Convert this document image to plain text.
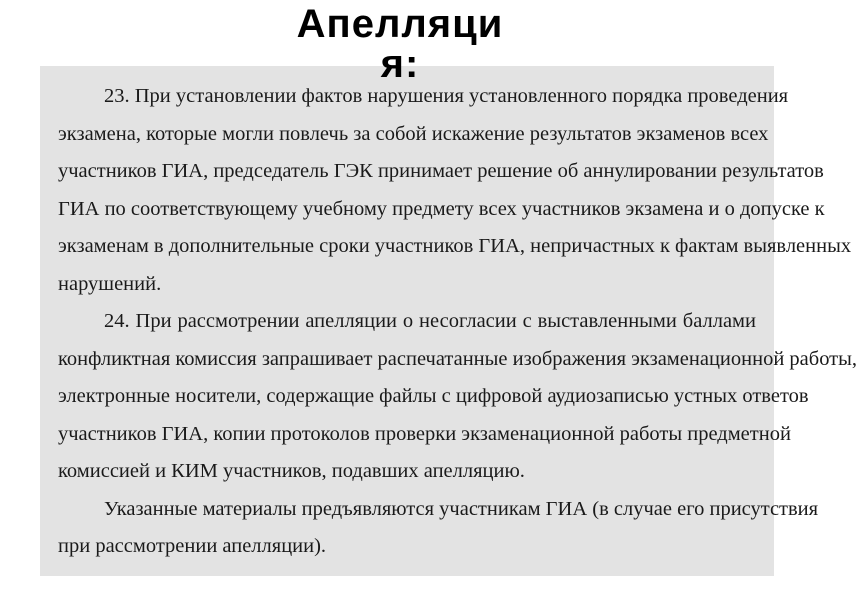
Апелляци
я:

23. При установлении фактов нарушения установленного порядка проведения
экзамена, которые могли повлечь за собой искажение результатов экзаменов всех
участников ГИА, председатель ГЭК принимает решение об аннулировании результатов
ГИА по соответствующему учебному предмету всех участников экзамена и о допуске к
экзаменам в дополнительные сроки участников ГИА, непричастных к фактам выявленных
нарушений.

24. При рассмотрении апелляции о несогласии с выставленными баллами
конфликтная комиссия запрашивает распечатанные изображения экзаменационной работы,
электронные носители, содержащие файлы с цифровой аудиозаписью устных ответов
участников ГИА, копии протоколов проверки экзаменационной работы предметной
комиссией и КИМ участников, подавших апелляцию.

Указанные материалы предъявляются участникам ГИА (в случае его присутствия
при рассмотрении апелляции).
